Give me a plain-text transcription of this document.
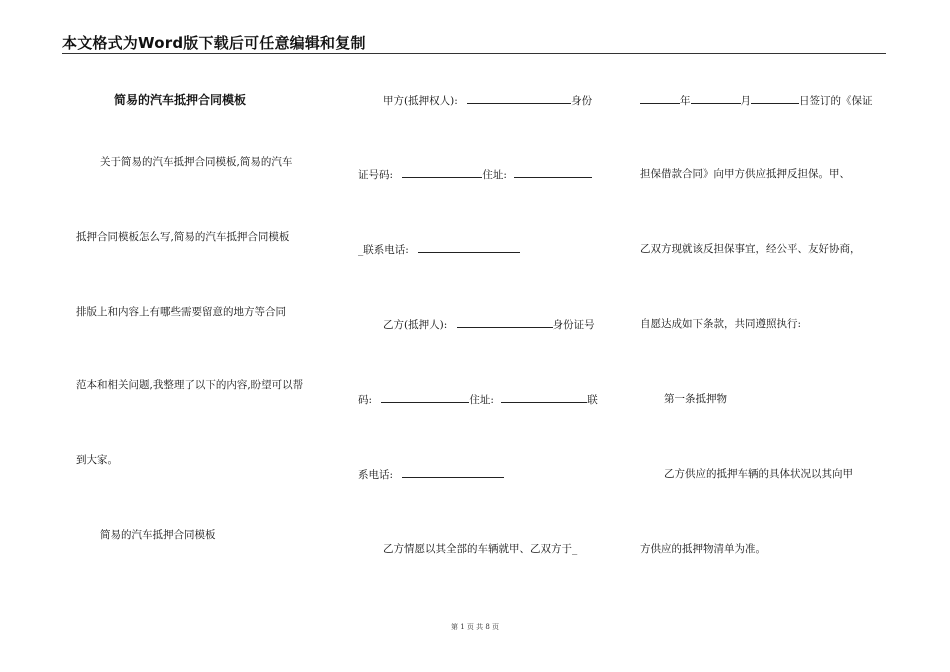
本文格式为Word版下载后可任意编辑和复制
简易的汽车抵押合同模板
关于简易的汽车抵押合同模板,简易的汽车
抵押合同模板怎么写,简易的汽车抵押合同模板
排版上和内容上有哪些需要留意的地方等合同
范本和相关问题,我整理了以下的内容,盼望可以帮
到大家。
简易的汽车抵押合同模板
甲方(抵押权人):	身份
证号码:	住址:
_联系电话:
乙方(抵押人):	身份证号
码:	住址:	联
系电话:
乙方情愿以其全部的车辆就甲、乙双方于_
年	月	日签订的《保证
担保借款合同》向甲方供应抵押反担保。甲、
乙双方现就该反担保事宜，经公平、友好协商，
自愿达成如下条款，共同遵照执行:
第一条抵押物
乙方供应的抵押车辆的具体状况以其向甲
方供应的抵押物清单为准。
第 1 页 共 8 页
